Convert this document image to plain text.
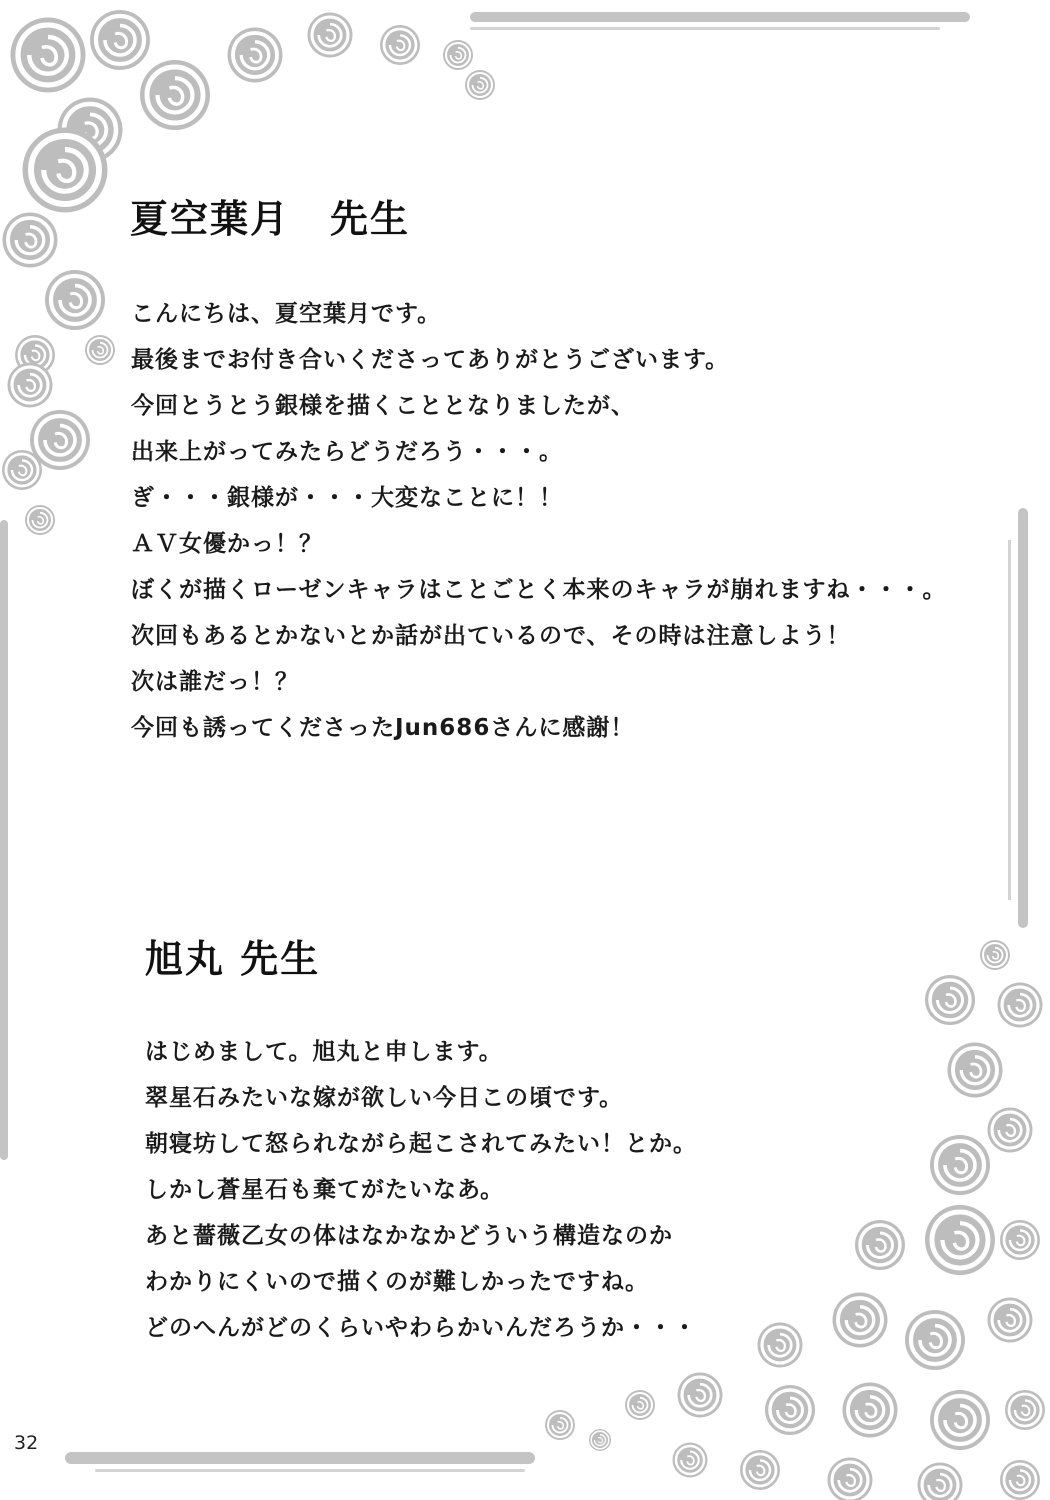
夏空葉月　先生
こんにちは、夏空葉月です。
最後までお付き合いくださってありがとうございます。
今回とうとう銀様を描くこととなりましたが、
出来上がってみたらどうだろう・・・。
ぎ・・・銀様が・・・大変なことに！！
ＡＶ女優かっ！？
ぼくが描くローゼンキャラはことごとく本来のキャラが崩れますね・・・。
次回もあるとかないとか話が出ているので、その時は注意しよう！
次は誰だっ！？
今回も誘ってくださったJun686さんに感謝！
旭丸 先生
はじめまして。旭丸と申します。
翠星石みたいな嫁が欲しい今日この頃です。
朝寝坊して怒られながら起こされてみたい！とか。
しかし蒼星石も棄てがたいなあ。
あと薔薇乙女の体はなかなかどういう構造なのか
わかりにくいので描くのが難しかったですね。
どのへんがどのくらいやわらかいんだろうか・・・
32
